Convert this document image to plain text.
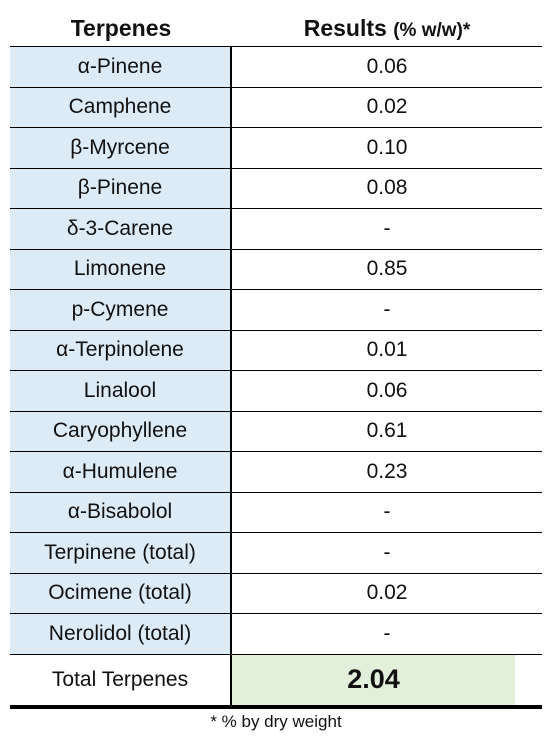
Terpenes	Results (% w/w)*
α-Pinene	0.06
Camphene	0.02
β-Myrcene	0.10
β-Pinene	0.08
δ-3-Carene	-
Limonene	0.85
p-Cymene	-
α-Terpinolene	0.01
Linalool	0.06
Caryophyllene	0.61
α-Humulene	0.23
α-Bisabolol	-
Terpinene (total)	-
Ocimene (total)	0.02
Nerolidol (total)	-
Total Terpenes	2.04
* % by dry weight
